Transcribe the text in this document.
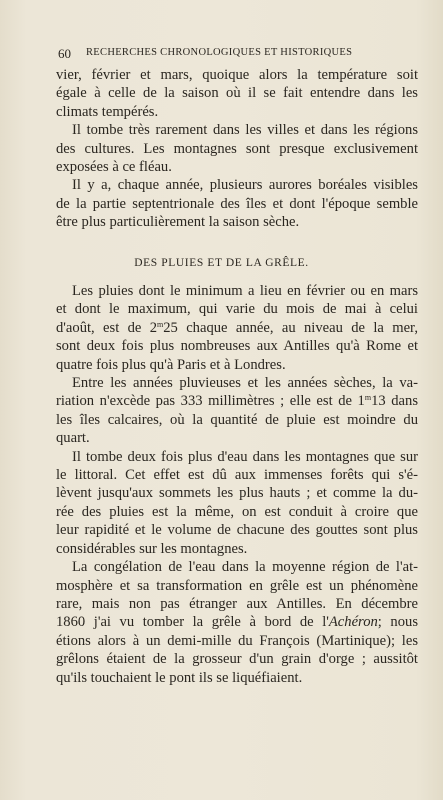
60 RECHERCHES CHRONOLOGIQUES ET HISTORIQUES
vier, février et mars, quoique alors la température soit
égale à celle de la saison où il se fait entendre dans les
climats tempérés.
Il tombe très rarement dans les villes et dans les régions
des cultures. Les montagnes sont presque exclusivement
exposées à ce fléau.
Il y a, chaque année, plusieurs aurores boréales visibles
de la partie septentrionale des îles et dont l'époque semble
être plus particulièrement la saison sèche.
DES PLUIES ET DE LA GRÊLE.
Les pluies dont le minimum a lieu en février ou en mars
et dont le maximum, qui varie du mois de mai à celui
d'août, est de 2$^m$25 chaque année, au niveau de la mer,
sont deux fois plus nombreuses aux Antilles qu'à Rome et
quatre fois plus qu'à Paris et à Londres.
Entre les années pluvieuses et les années sèches, la va-
riation n'excède pas 333 millimètres ; elle est de 1$^m$13 dans
les îles calcaires, où la quantité de pluie est moindre du
quart.
Il tombe deux fois plus d'eau dans les montagnes que sur
le littoral. Cet effet est dû aux immenses forêts qui s'é-
lèvent jusqu'aux sommets les plus hauts ; et comme la du-
rée des pluies est la même, on est conduit à croire que
leur rapidité et le volume de chacune des gouttes sont plus
considérables sur les montagnes.
La congélation de l'eau dans la moyenne région de l'at-
mosphère et sa transformation en grêle est un phénomène
rare, mais non pas étranger aux Antilles. En décembre
1860 j'ai vu tomber la grêle à bord de l'Achéron; nous
étions alors à un demi-mille du François (Martinique); les
grêlons étaient de la grosseur d'un grain d'orge ; aussitôt
qu'ils touchaient le pont ils se liquéfiaient.
